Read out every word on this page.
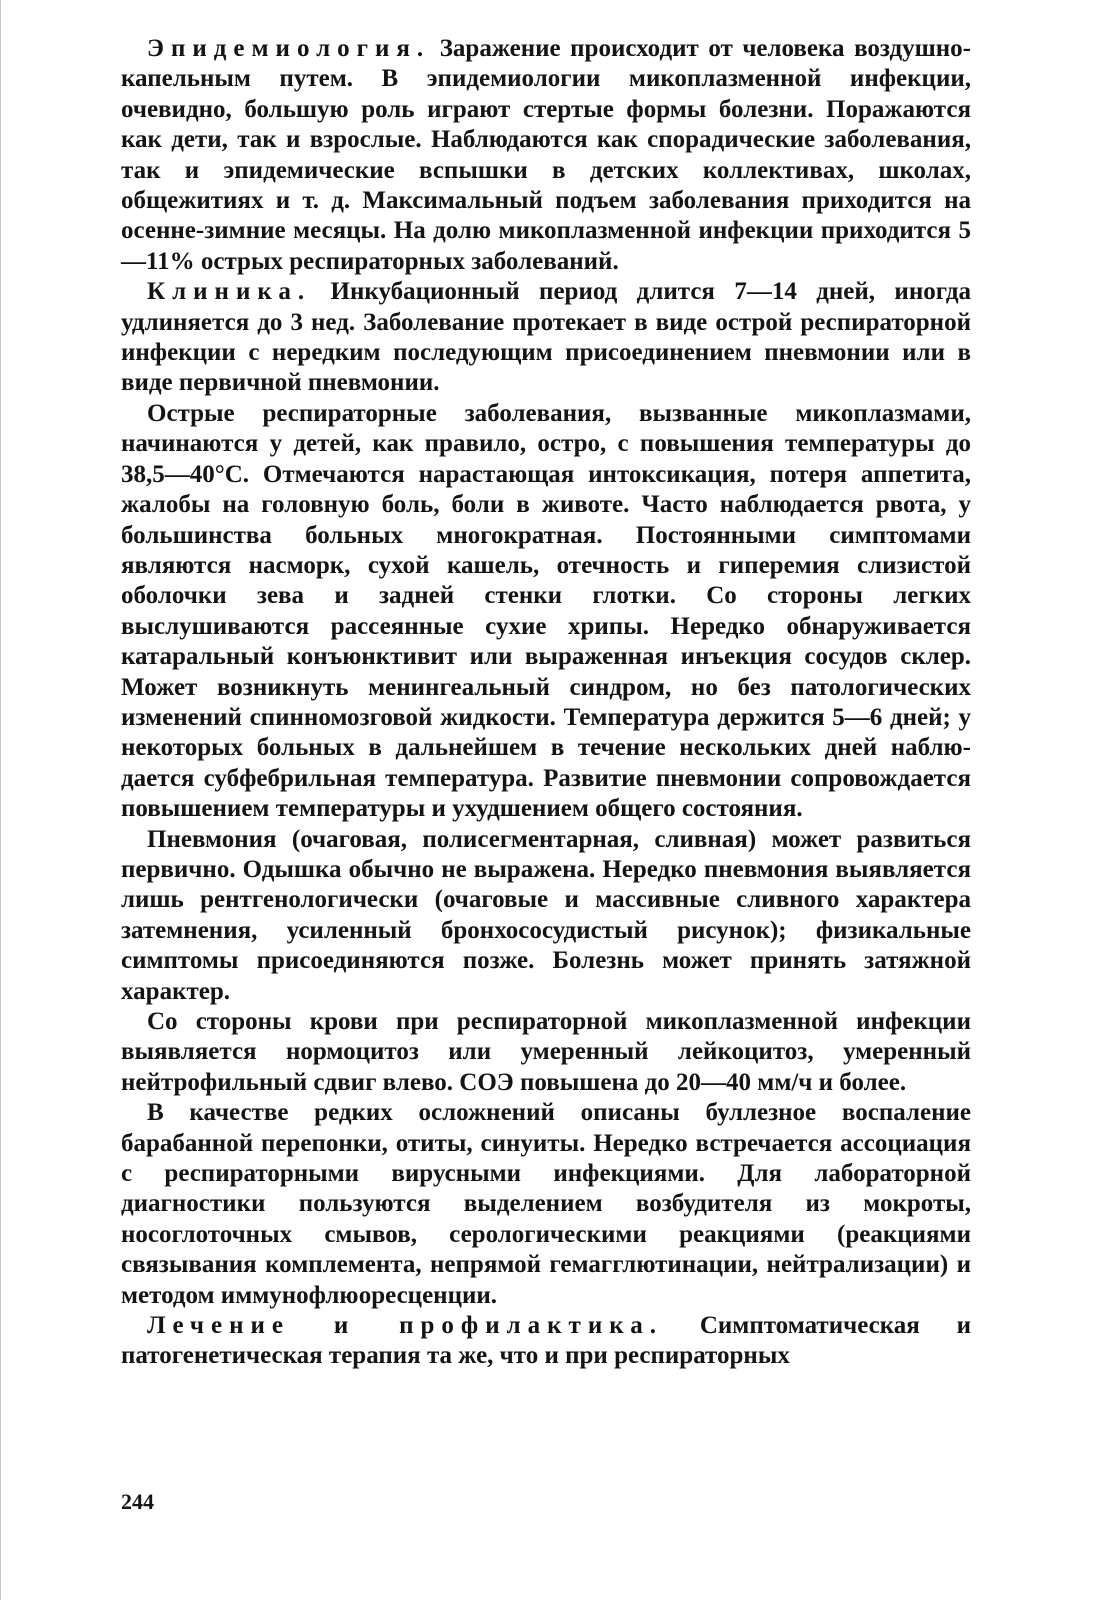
Эпидемиология. Заражение происходит от человека воздушно-капельным путем. В эпидемиологии микоплазменной инфекции, очевидно, большую роль играют стертые формы болезни. Поражаются как дети, так и взрослые. Наблюдаются как спорадические заболевания, так и эпидемические вспышки в детских коллективах, школах, общежитиях и т. д. Максимальный подъем заболевания приходится на осенне-зимние месяцы. На долю микоплазменной инфекции приходится 5—11% острых респираторных заболеваний.

Клиника. Инкубационный период длится 7—14 дней, иногда удлиняется до 3 нед. Заболевание протекает в виде острой респираторной инфекции с нередким последующим присоединением пневмонии или в виде первичной пневмонии.

Острые респираторные заболевания, вызванные микоплазмами, начинаются у детей, как правило, остро, с повышения температуры до 38,5—40°С. Отмечаются нарастающая интоксикация, потеря аппетита, жалобы на головную боль, боли в животе. Часто наблюдается рвота, у большинства больных многократная. Постоянными симптомами являются насморк, сухой кашель, отечность и гиперемия слизистой оболочки зева и задней стенки глотки. Со стороны легких выслушиваются рассеянные сухие хрипы. Нередко обнаруживается катаральный конъюнктивит или выраженная инъекция сосудов склер. Может возникнуть менингеальный синдром, но без патологических изменений спинномозговой жидкости. Температура держится 5—6 дней; у некоторых больных в дальнейшем в течение нескольких дней наблюдается субфебрильная температура. Развитие пневмонии сопровождается повышением температуры и ухудшением общего состояния.

Пневмония (очаговая, полисегментарная, сливная) может развиться первично. Одышка обычно не выражена. Нередко пневмония выявляется лишь рентгенологически (очаговые и массивные сливного характера затемнения, усиленный бронхососудистый рисунок); физикальные симптомы присоединяются позже. Болезнь может принять затяжной характер.

Со стороны крови при респираторной микоплазменной инфекции выявляется нормоцитоз или умеренный лейкоцитоз, умеренный нейтрофильный сдвиг влево. СОЭ повышена до 20—40 мм/ч и более.

В качестве редких осложнений описаны буллезное воспаление барабанной перепонки, отиты, синуиты. Нередко встречается ассоциация с респираторными вирусными инфекциями. Для лабораторной диагностики пользуются выделением возбудителя из мокроты, носоглоточных смывов, серологическими реакциями (реакциями связывания комплемента, непрямой гемагглютинации, нейтрализации) и методом иммунофлюоресценции.

Лечение и профилактика. Симптоматическая и патогенетическая терапия та же, что и при респираторных

244
